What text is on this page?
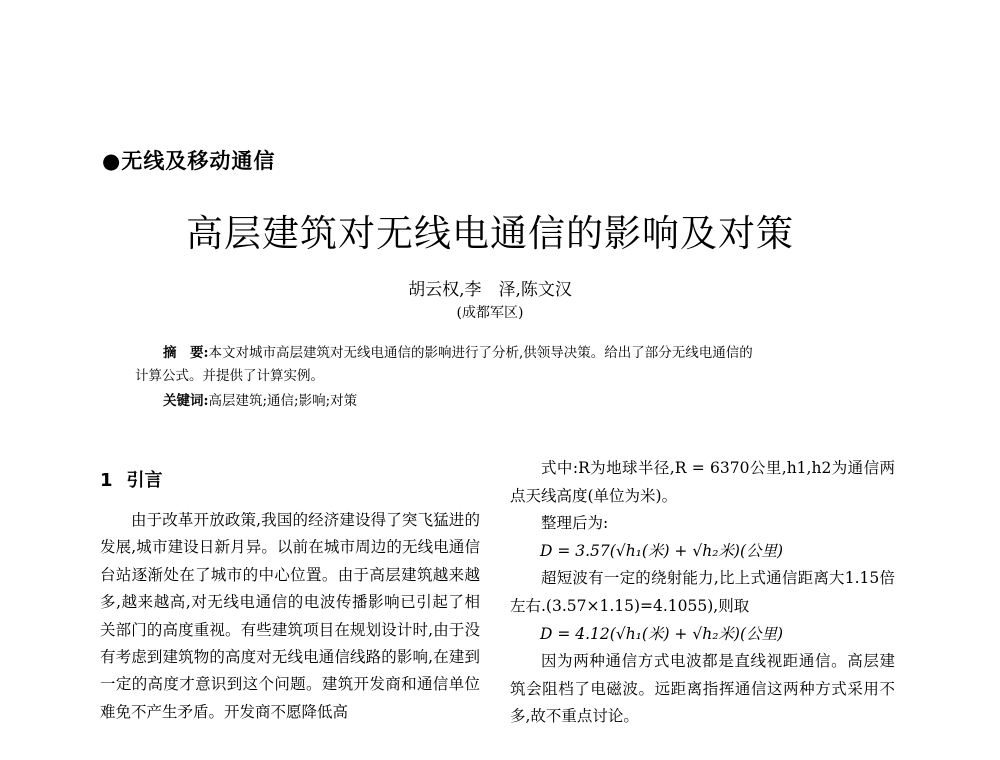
●无线及移动通信
高层建筑对无线电通信的影响及对策
胡云权,李　泽,陈文汉
(成都军区)
摘　要:本文对城市高层建筑对无线电通信的影响进行了分析,供领导决策。给出了部分无线电通信的
计算公式。并提供了计算实例。
关键词:高层建筑;通信;影响;对策
1 引言
由于改革开放政策,我国的经济建设得了突飞猛进的发展,城市建设日新月异。以前在城市周边的无线电通信台站逐渐处在了城市的中心位置。由于高层建筑越来越多,越来越高,对无线电通信的电波传播影响已引起了相关部门的高度重视。有些建筑项目在规划设计时,由于没有考虑到建筑物的高度对无线电通信线路的影响,在建到一定的高度才意识到这个问题。建筑开发商和通信单位难免不产生矛盾。开发商不愿降低高

式中:R为地球半径,R = 6370公里,h1,h2为通信两点天线高度(单位为米)。

整理后为:

D = 3.57(√h₁(米) + √h₂米)(公里)

超短波有一定的绕射能力,比上式通信距离大1.15倍左右.(3.57×1.15)=4.1055),则取

D = 4.12(√h₁(米) + √h₂米)(公里)

因为两种通信方式电波都是直线视距通信。高层建筑会阻档了电磁波。远距离指挥通信这两种方式采用不多,故不重点讨论。
